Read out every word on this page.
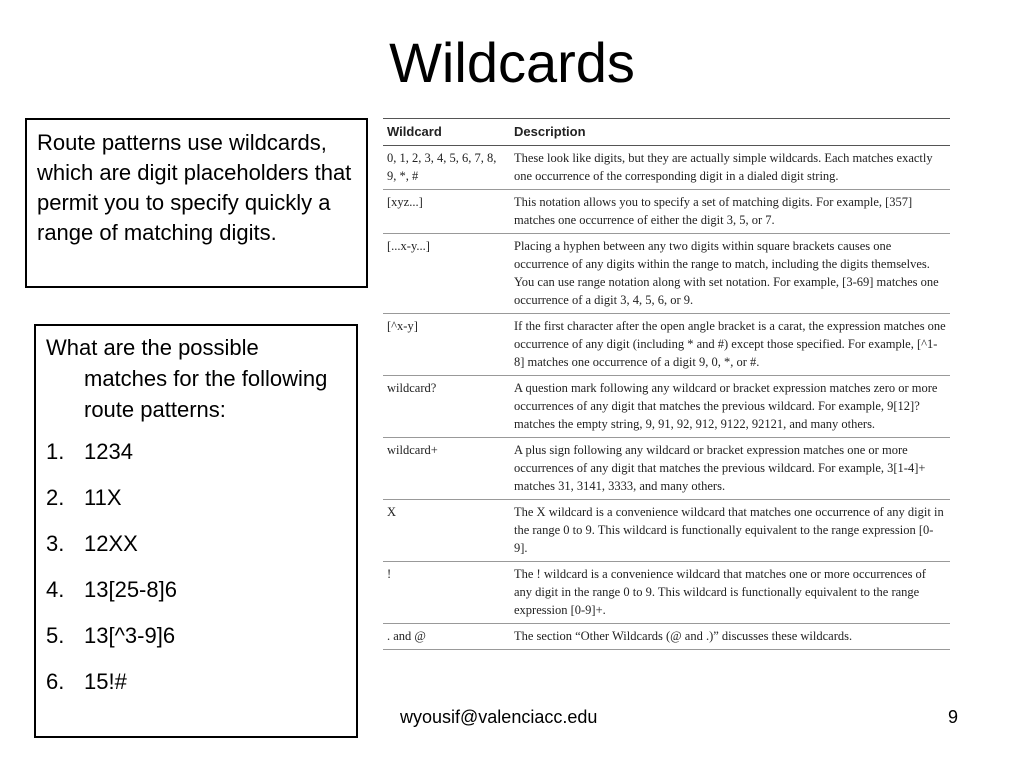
Wildcards
Route patterns use wildcards, which are digit placeholders that permit you to specify quickly a range of matching digits.
What are the possible matches for the following route patterns:
1. 1234
2. 11X
3. 12XX
4. 13[25-8]6
5. 13[^3-9]6
6. 15!#
Wildcard	Description
0, 1, 2, 3, 4, 5, 6, 7, 8, 9, *, #	These look like digits, but they are actually simple wildcards. Each matches exactly one occurrence of the corresponding digit in a dialed digit string.
[xyz...]	This notation allows you to specify a set of matching digits. For example, [357] matches one occurrence of either the digit 3, 5, or 7.
[...x-y...]	Placing a hyphen between any two digits within square brackets causes one occurrence of any digits within the range to match, including the digits themselves. You can use range notation along with set notation. For example, [3-69] matches one occurrence of a digit 3, 4, 5, 6, or 9.
[^x-y]	If the first character after the open angle bracket is a carat, the expression matches one occurrence of any digit (including * and #) except those specified. For example, [^1-8] matches one occurrence of a digit 9, 0, *, or #.
wildcard?	A question mark following any wildcard or bracket expression matches zero or more occurrences of any digit that matches the previous wildcard. For example, 9[12]? matches the empty string, 9, 91, 92, 912, 9122, 92121, and many others.
wildcard+	A plus sign following any wildcard or bracket expression matches one or more occurrences of any digit that matches the previous wildcard. For example, 3[1-4]+ matches 31, 3141, 3333, and many others.
X	The X wildcard is a convenience wildcard that matches one occurrence of any digit in the range 0 to 9. This wildcard is functionally equivalent to the range expression [0-9].
!	The ! wildcard is a convenience wildcard that matches one or more occurrences of any digit in the range 0 to 9. This wildcard is functionally equivalent to the range expression [0-9]+.
. and @	The section “Other Wildcards (@ and .)” discusses these wildcards.
wyousif@valenciacc.edu	9
